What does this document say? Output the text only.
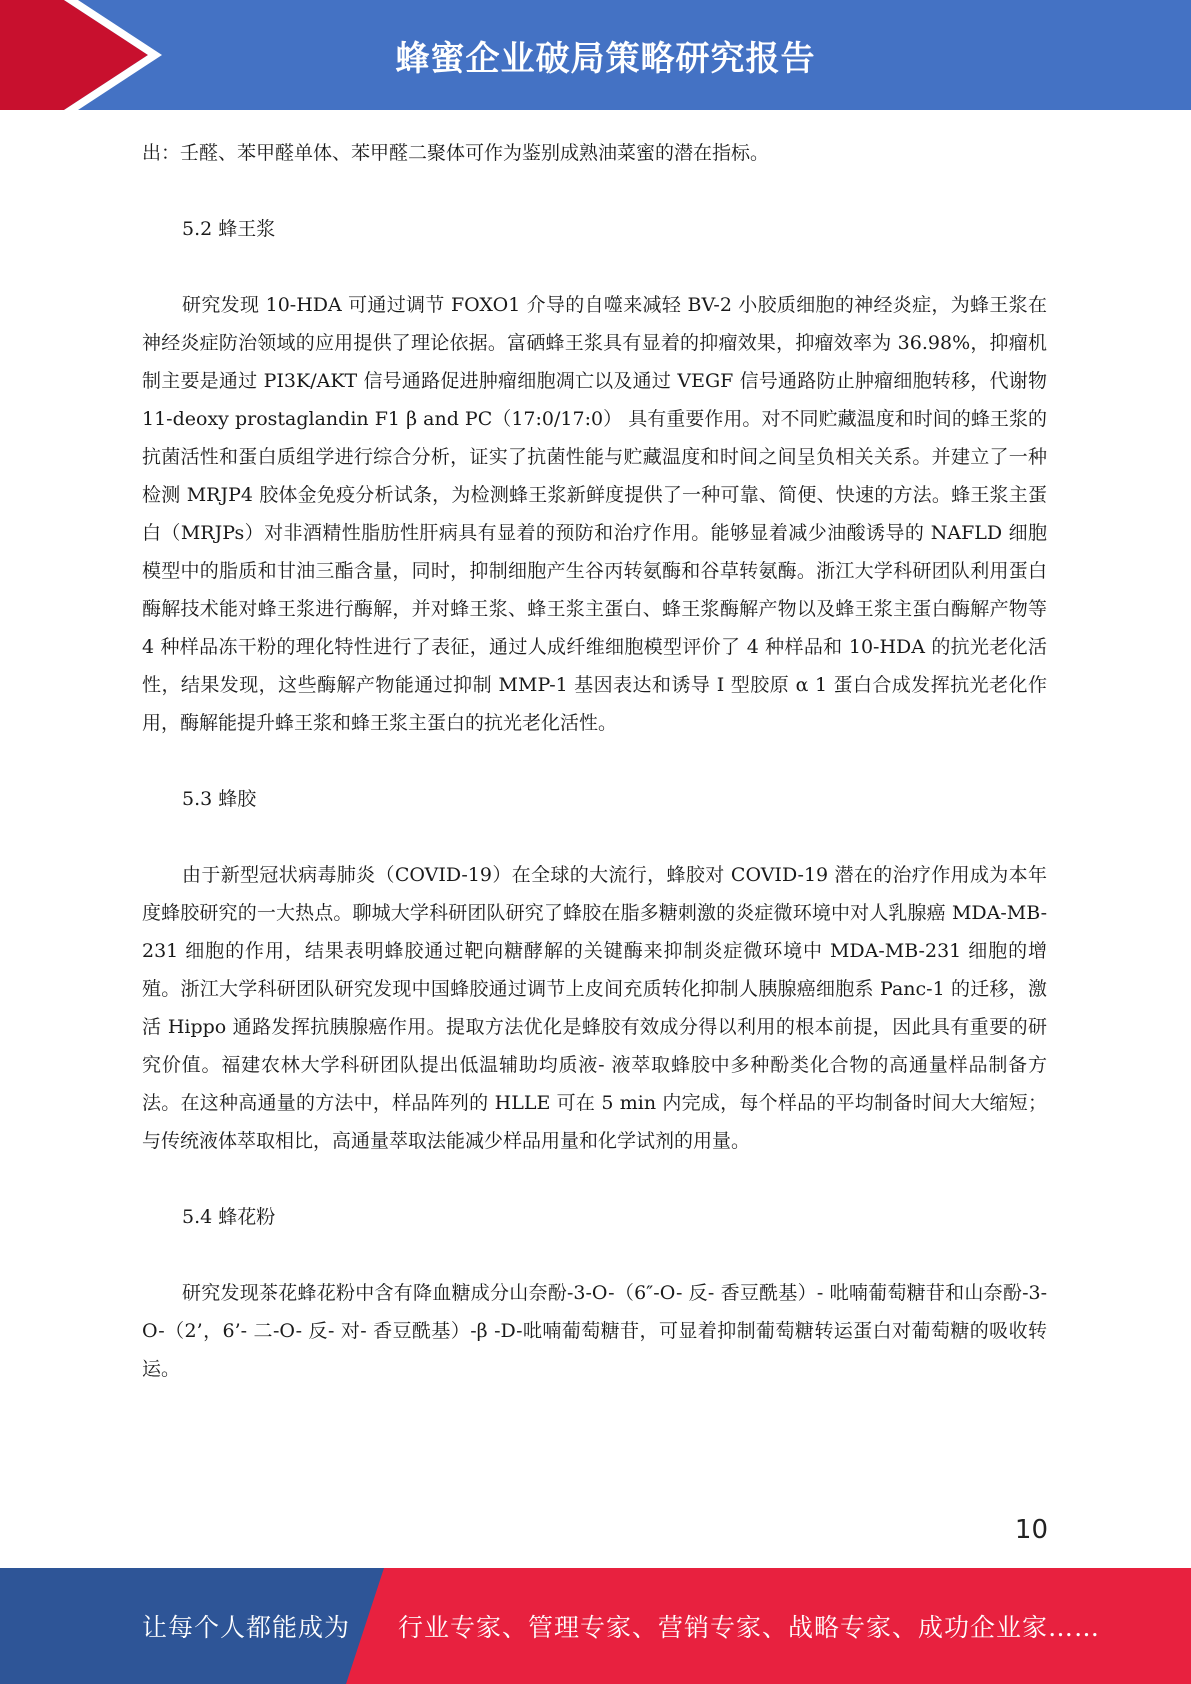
蜂蜜企业破局策略研究报告

出：壬醛、苯甲醛单体、苯甲醛二聚体可作为鉴别成熟油菜蜜的潜在指标。

5.2 蜂王浆

研究发现 10-HDA 可通过调节 FOXO1 介导的自噬来减轻 BV-2 小胶质细胞的神经炎症，为蜂王浆在神经炎症防治领域的应用提供了理论依据。富硒蜂王浆具有显着的抑瘤效果，抑瘤效率为 36.98%，抑瘤机制主要是通过 PI3K/AKT 信号通路促进肿瘤细胞凋亡以及通过 VEGF 信号通路防止肿瘤细胞转移，代谢物 11-deoxy prostaglandin F1 β and PC（17:0/17:0） 具有重要作用。对不同贮藏温度和时间的蜂王浆的抗菌活性和蛋白质组学进行综合分析，证实了抗菌性能与贮藏温度和时间之间呈负相关关系。并建立了一种检测 MRJP4 胶体金免疫分析试条，为检测蜂王浆新鲜度提供了一种可靠、简便、快速的方法。蜂王浆主蛋白（MRJPs）对非酒精性脂肪性肝病具有显着的预防和治疗作用。能够显着减少油酸诱导的 NAFLD 细胞模型中的脂质和甘油三酯含量，同时，抑制细胞产生谷丙转氨酶和谷草转氨酶。浙江大学科研团队利用蛋白酶解技术能对蜂王浆进行酶解，并对蜂王浆、蜂王浆主蛋白、蜂王浆酶解产物以及蜂王浆主蛋白酶解产物等 4 种样品冻干粉的理化特性进行了表征，通过人成纤维细胞模型评价了 4 种样品和 10-HDA 的抗光老化活性，结果发现，这些酶解产物能通过抑制 MMP-1 基因表达和诱导 I 型胶原 α 1 蛋白合成发挥抗光老化作用，酶解能提升蜂王浆和蜂王浆主蛋白的抗光老化活性。

5.3 蜂胶

由于新型冠状病毒肺炎（COVID-19）在全球的大流行，蜂胶对 COVID-19 潜在的治疗作用成为本年度蜂胶研究的一大热点。聊城大学科研团队研究了蜂胶在脂多糖刺激的炎症微环境中对人乳腺癌 MDA-MB-231 细胞的作用，结果表明蜂胶通过靶向糖酵解的关键酶来抑制炎症微环境中 MDA-MB-231 细胞的增殖。浙江大学科研团队研究发现中国蜂胶通过调节上皮间充质转化抑制人胰腺癌细胞系 Panc-1 的迁移，激活 Hippo 通路发挥抗胰腺癌作用。提取方法优化是蜂胶有效成分得以利用的根本前提，因此具有重要的研究价值。福建农林大学科研团队提出低温辅助均质液- 液萃取蜂胶中多种酚类化合物的高通量样品制备方法。在这种高通量的方法中，样品阵列的 HLLE 可在 5 min 内完成，每个样品的平均制备时间大大缩短；与传统液体萃取相比，高通量萃取法能减少样品用量和化学试剂的用量。

5.4 蜂花粉

研究发现茶花蜂花粉中含有降血糖成分山奈酚-3-O-（6″-O- 反- 香豆酰基）- 吡喃葡萄糖苷和山奈酚-3-O-（2’，6’- 二-O- 反- 对- 香豆酰基）-β -D-吡喃葡萄糖苷，可显着抑制葡萄糖转运蛋白对葡萄糖的吸收转运。

10
让每个人都能成为 行业专家、管理专家、营销专家、战略专家、成功企业家……
